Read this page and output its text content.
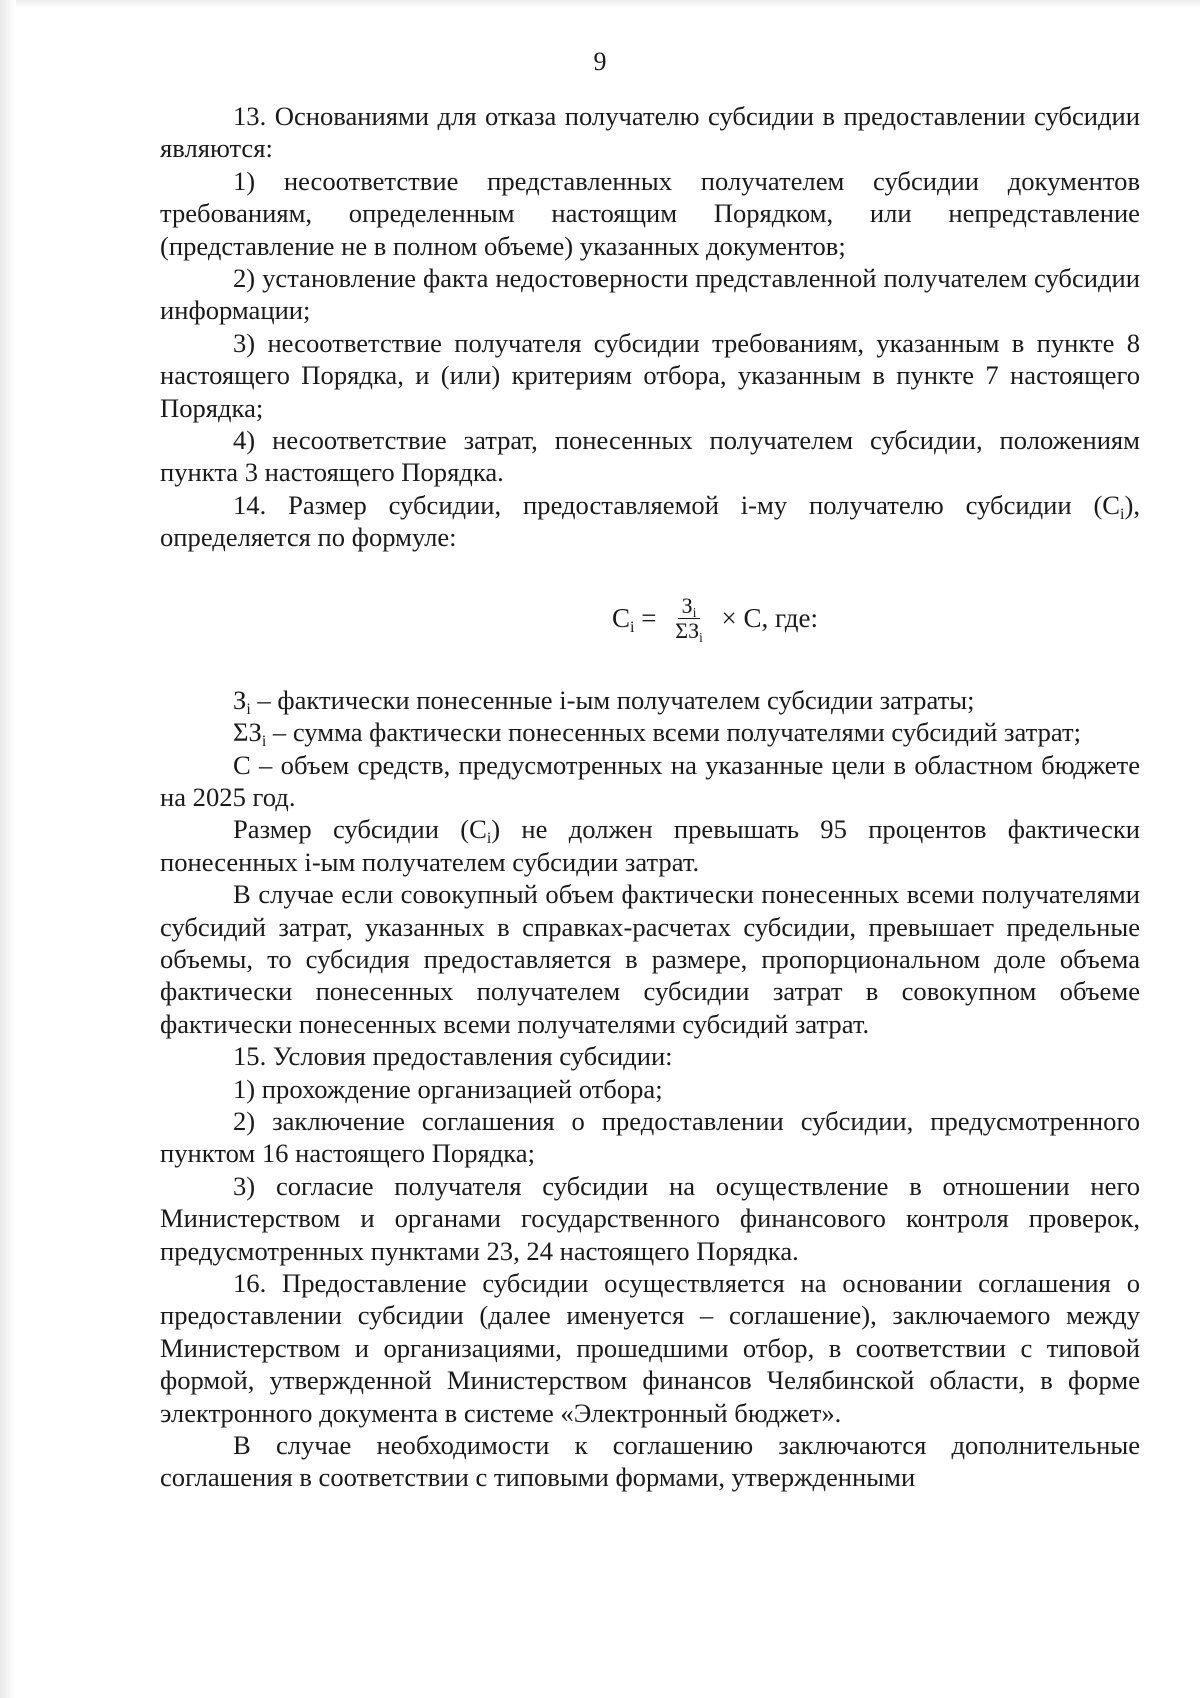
9

13. Основаниями для отказа получателю субсидии в предоставлении субсидии являются:

1) несоответствие представленных получателем субсидии документов требованиям, определенным настоящим Порядком, или непредставление (представление не в полном объеме) указанных документов;

2) установление факта недостоверности представленной получателем субсидии информации;

3) несоответствие получателя субсидии требованиям, указанным в пункте 8 настоящего Порядка, и (или) критериям отбора, указанным в пункте 7 настоящего Порядка;

4) несоответствие затрат, понесенных получателем субсидии, положениям пункта 3 настоящего Порядка.

14. Размер субсидии, предоставляемой i-му получателю субсидии $(С_i)$, определяется по формуле:

$С_i = \frac{З_i}{\Sigma З_i} \times С$, где:

$З_i$ – фактически понесенные i-ым получателем субсидии затраты;

$\Sigma З_i$ – сумма фактически понесенных всеми получателями субсидий затрат;

С – объем средств, предусмотренных на указанные цели в областном бюджете на 2025 год.

Размер субсидии $(С_i)$ не должен превышать 95 процентов фактически понесенных i-ым получателем субсидии затрат.

В случае если совокупный объем фактически понесенных всеми получателями субсидий затрат, указанных в справках-расчетах субсидии, превышает предельные объемы, то субсидия предоставляется в размере, пропорциональном доле объема фактически понесенных получателем субсидии затрат в совокупном объеме фактически понесенных всеми получателями субсидий затрат.

15. Условия предоставления субсидии:

1) прохождение организацией отбора;

2) заключение соглашения о предоставлении субсидии, предусмотренного пунктом 16 настоящего Порядка;

3) согласие получателя субсидии на осуществление в отношении него Министерством и органами государственного финансового контроля проверок, предусмотренных пунктами 23, 24 настоящего Порядка.

16. Предоставление субсидии осуществляется на основании соглашения о предоставлении субсидии (далее именуется – соглашение), заключаемого между Министерством и организациями, прошедшими отбор, в соответствии с типовой формой, утвержденной Министерством финансов Челябинской области, в форме электронного документа в системе «Электронный бюджет».

В случае необходимости к соглашению заключаются дополнительные соглашения в соответствии с типовыми формами, утвержденными
